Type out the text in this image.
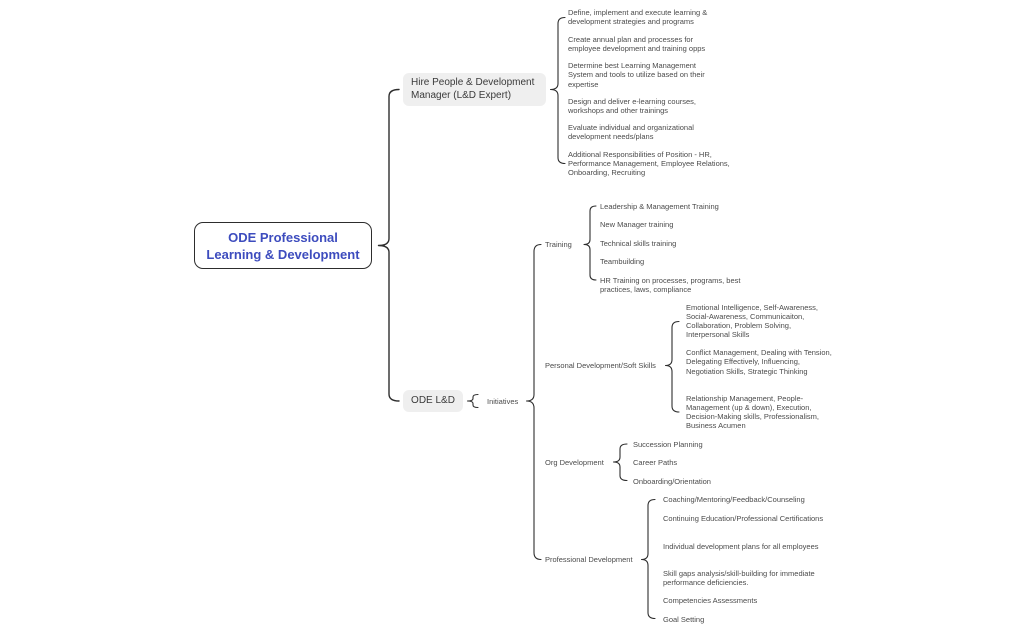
ODE Professional Learning & Development
Hire People & Development Manager (L&D Expert)
Define, implement and execute learning & development strategies and programs
Create annual plan and processes for employee development and training opps
Determine best Learning Management System and tools to utilize based on their expertise
Design and deliver e-learning courses, workshops and other trainings
Evaluate individual and organizational development needs/plans
Additional Responsibilities of Position - HR, Performance Management, Employee Relations, Onboarding, Recruiting
ODE L&D	Initiatives
Training
Personal Development/Soft Skills
Org Development
Professional Development
Leadership & Management Training
New Manager training
Technical skills training
Teambuilding
HR Training on processes, programs, best practices, laws, compliance
Emotional Intelligence, Self-Awareness, Social-Awareness, Communicaiton, Collaboration, Problem Solving, Interpersonal Skills
Conflict Management, Dealing with Tension, Delegating Effectively, Influencing, Negotiation Skills, Strategic Thinking
Relationship Management, People-Management (up & down), Execution, Decision-Making skills, Professionalism, Business Acumen
Succession Planning
Career Paths
Onboarding/Orientation
Coaching/Mentoring/Feedback/Counseling
Continuing Education/Professional Certifications
Individual development plans for all employees
Skill gaps analysis/skill-building for immediate performance deficiencies.
Competencies Assessments
Goal Setting
